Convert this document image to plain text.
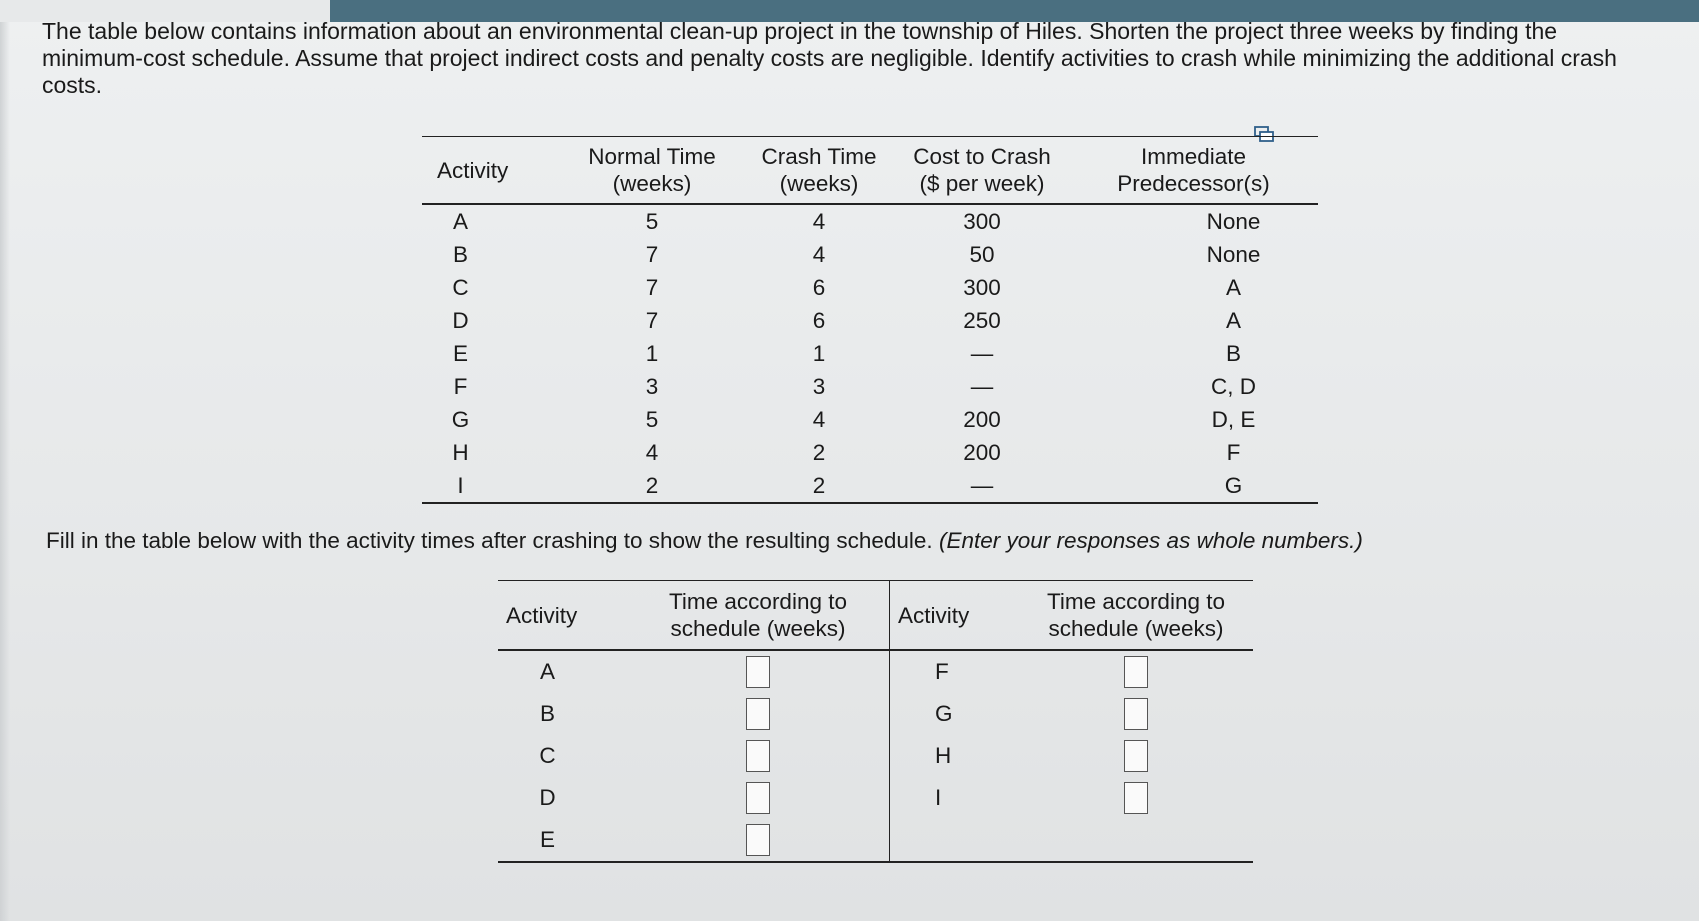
The table below contains information about an environmental clean-up project in the township of Hiles. Shorten the project three weeks by finding the minimum-cost schedule. Assume that project indirect costs and penalty costs are negligible. Identify activities to crash while minimizing the additional crash costs.

Activity	Normal Time (weeks)	Crash Time (weeks)	Cost to Crash ($ per week)	Immediate Predecessor(s)
A	5	4	300	None
B	7	4	50	None
C	7	6	300	A
D	7	6	250	A
E	1	1	—	B
F	3	3	—	C, D
G	5	4	200	D, E
H	4	2	200	F
I	2	2	—	G

Fill in the table below with the activity times after crashing to show the resulting schedule. (Enter your responses as whole numbers.)

Activity	Time according to schedule (weeks)	Activity	Time according to schedule (weeks)
A		F	
B		G	
C		H	
D		I	
E			
